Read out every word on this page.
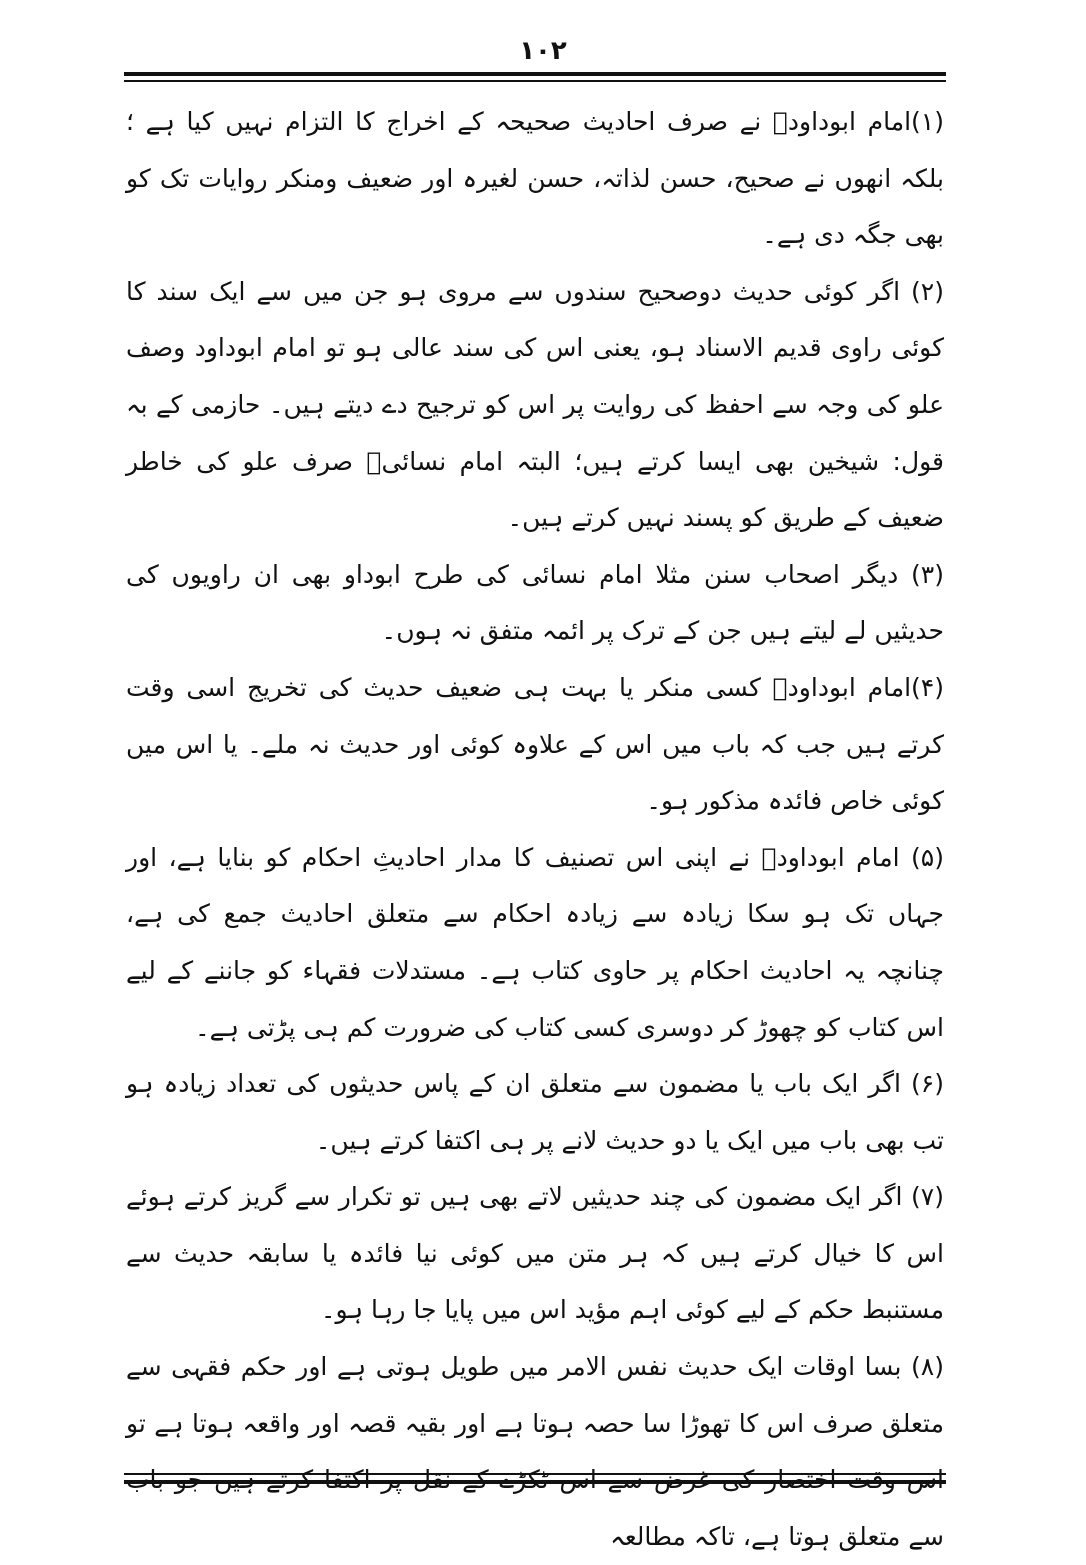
۱۰۲

(۱)امام ابوداودؒ نے صرف احادیث صحیحہ کے اخراج کا التزام نہیں کیا ہے ؛ بلکہ انھوں نے صحیح، حسن لذاتہ، حسن لغیرہ اور ضعیف ومنکر روایات تک کو بھی جگہ دی ہے۔

(۲) اگر کوئی حدیث دوصحیح سندوں سے مروی ہو جن میں سے ایک سند کا کوئی راوی قدیم الاسناد ہو، یعنی اس کی سند عالی ہو تو امام ابوداود وصف علو کی وجہ سے احفظ کی روایت پر اس کو ترجیح دے دیتے ہیں۔ حازمی کے بہ قول: شیخین بھی ایسا کرتے ہیں؛ البتہ امام نسائیؒ صرف علو کی خاطر ضعیف کے طریق کو پسند نہیں کرتے ہیں۔

(۳) دیگر اصحاب سنن مثلا امام نسائی کی طرح ابوداو بھی ان راویوں کی حدیثیں لے لیتے ہیں جن کے ترک پر ائمہ متفق نہ ہوں۔

(۴)امام ابوداودؒ کسی منکر یا بہت ہی ضعیف حدیث کی تخریج اسی وقت کرتے ہیں جب کہ باب میں اس کے علاوہ کوئی اور حدیث نہ ملے۔ یا اس میں کوئی خاص فائدہ مذکور ہو۔

(۵) امام ابوداودؒ نے اپنی اس تصنیف کا مدار احادیثِ احکام کو بنایا ہے، اور جہاں تک ہو سکا زیادہ سے زیادہ احکام سے متعلق احادیث جمع کی ہے، چنانچہ یہ احادیث احکام پر حاوی کتاب ہے۔ مستدلات فقہاء کو جاننے کے لیے اس کتاب کو چھوڑ کر دوسری کسی کتاب کی ضرورت کم ہی پڑتی ہے۔

(۶) اگر ایک باب یا مضمون سے متعلق ان کے پاس حدیثوں کی تعداد زیادہ ہو تب بھی باب میں ایک یا دو حدیث لانے پر ہی اکتفا کرتے ہیں۔

(۷) اگر ایک مضمون کی چند حدیثیں لاتے بھی ہیں تو تکرار سے گریز کرتے ہوئے اس کا خیال کرتے ہیں کہ ہر متن میں کوئی نیا فائدہ یا سابقہ حدیث سے مستنبط حکم کے لیے کوئی اہم مؤید اس میں پایا جا رہا ہو۔

(۸) بسا اوقات ایک حدیث نفس الامر میں طویل ہوتی ہے اور حکم فقہی سے متعلق صرف اس کا تھوڑا سا حصہ ہوتا ہے اور بقیہ قصہ اور واقعہ ہوتا ہے تو سے متعلق ہوتا ہے، تاکہ مطالعہ
